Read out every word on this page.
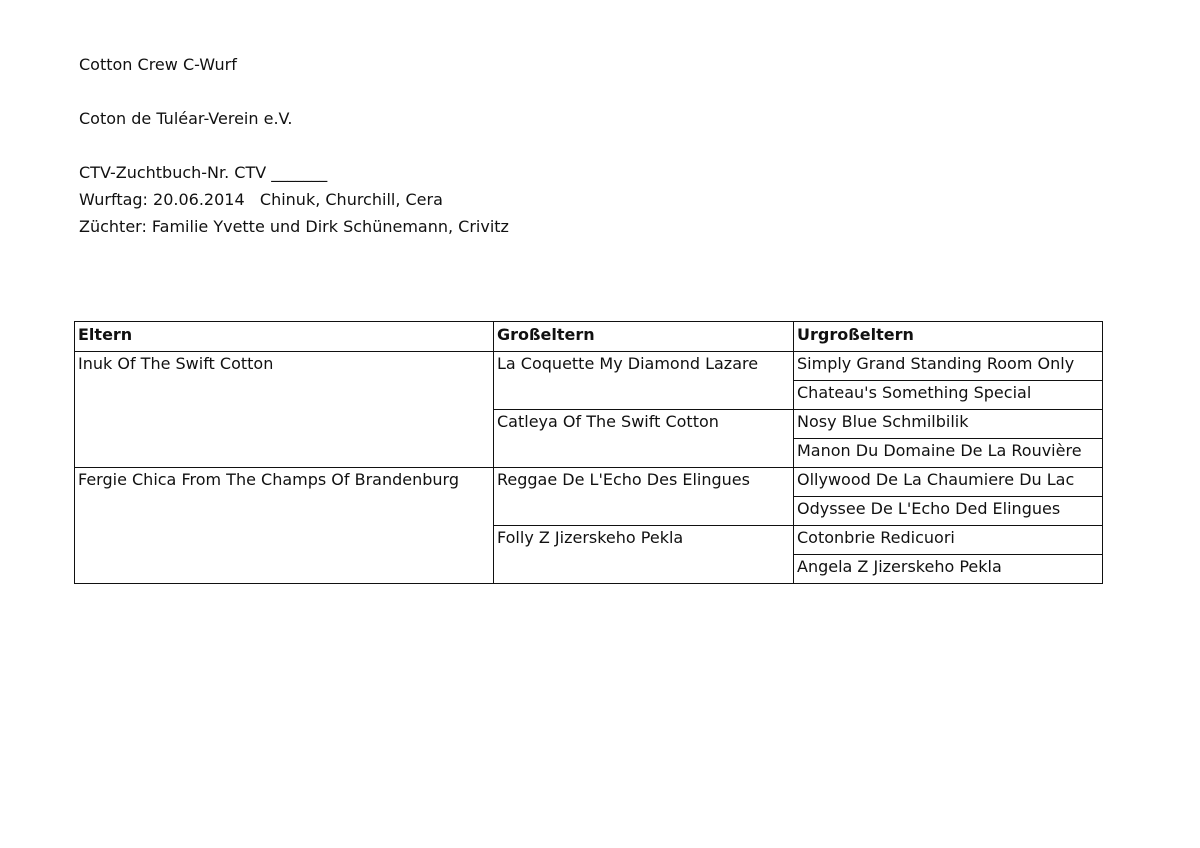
Cotton Crew C-Wurf
Coton de Tuléar-Verein e.V.
CTV-Zuchtbuch-Nr. CTV _______
Wurftag: 20.06.2014   Chinuk, Churchill, Cera
Züchter: Familie Yvette und Dirk Schünemann, Crivitz
Eltern	Großeltern	Urgroßeltern
Inuk Of The Swift Cotton	La Coquette My Diamond Lazare	Simply Grand Standing Room Only
		Chateau's Something Special
	Catleya Of The Swift Cotton	Nosy Blue Schmilbilik
		Manon Du Domaine De La Rouvière
Fergie Chica From The Champs Of Brandenburg	Reggae De L'Echo Des Elingues	Ollywood De La Chaumiere Du Lac
		Odyssee De L'Echo Ded Elingues
	Folly Z Jizerskeho Pekla	Cotonbrie Redicuori
		Angela Z Jizerskeho Pekla
